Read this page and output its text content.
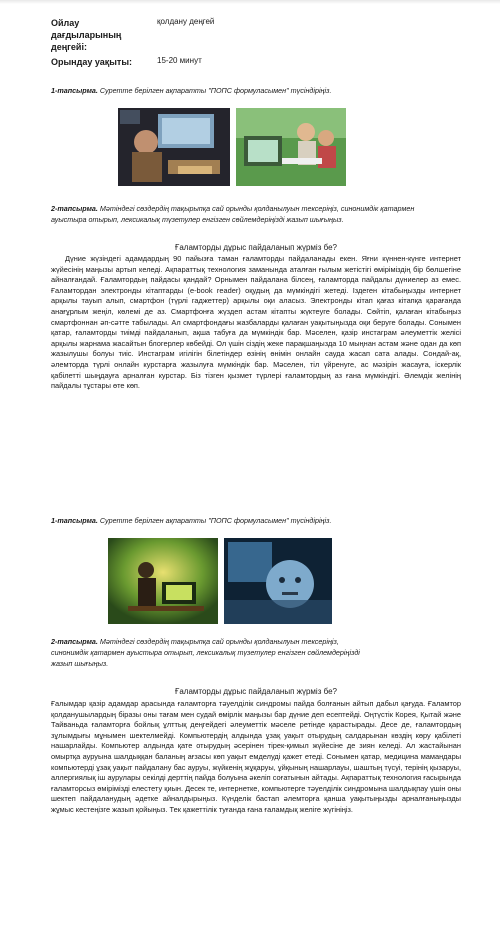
Ойлау дағдыларының деңгейі:
қолдану деңгей
Орындау уақыты:	15-20 минут
1-тапсырма. Суретте берілген ақпаратты "ПОПС формуласымен" түсіндіріңіз.
2-тапсырма. Мәтіндегі сөздердің тақырыпқа сай орынды қолданылуын тексеріңіз, синонимдік қатармен ауыстыра отырып, лексикалық түзетулер енгізген сөйлемдеріңізді жазып шығыңыз.
Ғаламторды дұрыс пайдаланып жүрміз бе?
Дүние жүзіндегі адамдардың 90 пайызға таман ғаламторды пайдаланады екен. Яғни күннен-күнге интернет жүйесінің маңызы артып келеді. Ақпараттық технология заманында аталған ғылым жетістігі өміріміздің бір бөлшегіне айналғандай. Ғаламтордың пайдасы қандай? Орнымен пайдалана білсең, ғаламторда пайдалы дүниелер аз емес. Ғаламтордан электронды кітаптарды (e-book reader) оқудың да мүмкіндігі жетеді. Іздеген кітабыңызды интернет арқылы тауып алып, смартфон (түрлі гаджеттер) арқылы оқи аласыз. Электронды кітап қағаз кітапқа қарағанда анағұрлым жеңіл, көлемі де аз. Смартфонға жүздеп астам кітапты жүктеуге болады. Сөйтіп, қалаған кітабыңыз смартфоннан әп-сәтте табылады. Ал смартфондағы жазбаларды қалаған уақытыңызда оқи беруге болады. Сонымен қатар, ғаламторды тиімді пайдаланып, ақша табуға да мүмкіндік бар. Мәселен, қазір инстаграм әлеуметтік желісі арқылы жарнама жасайтын блогерлер көбейді. Ол үшін сіздің жеке парақшаңызда 10 мыңнан астам және одан да көп жазылушы болуы тиіс. Инстаграм игілігін білетіндер өзінің өнімін онлайн сауда жасап сата алады. Сондай-ақ, әлемторда түрлі онлайн курстарға жазылуға мүмкіндік бар. Мәселен, тіл үйренуге, ас мәзірін жасауға, іскерлік қабілетті шыңдауға арналған курстар. Біз тізген қызмет түрлері ғаламтордың аз ғана мүмкіндігі. Әлемдік желінің пайдалы тұстары өте көп.
1-тапсырма. Суретте берілген ақпаратты "ПОПС формуласымен" түсіндіріңіз.
2-тапсырма. Мәтіндегі сөздердің тақырыпқа сай орынды қолданылуын тексеріңіз, синонимдік қатармен ауыстыра отырып, лексикалық түзетулер енгізген сөйлемдеріңізді жазып шығыңыз.
Ғаламторды дұрыс пайдаланып жүрміз бе?
Ғалымдар қазір адамдар арасында ғаламторға тәуелділік синдромы пайда болғанын айтып дабыл қағуда. Ғаламтор қолданушылардың біразы оны тағам мен судай өмірлік маңызы бар дүние деп есептейді. Оңтүстік Корея, Қытай және Тайваньда ғаламторға бойлық ұлттық деңгейдегі әлеуметтік мәселе ретінде қарастырады. Десе де, ғаламтордың зұлымдығы мұнымен шектелмейді. Компьютердің алдында ұзақ уақыт отырудың салдарынан көздің көру қабілеті нашарлайды. Компьютер алдында қате отырудың әсерінен тірек-қимыл жүйесіне де зиян келеді. Ал жастайынан омыртқа ауруына шалдыққан баланың ағзасы көп уақыт емделуді қажет етеді. Сонымен қатар, медицина мамандары компьютерді ұзақ уақыт пайдалану бас ауруы, жүйкенің жұқаруы, ұйқының нашарлауы, шаштың түсуі, терінің қызаруы, аллергиялық іш аурулары секілді дерттің пайда болуына әкеліп соғатынын айтады. Ақпараттық технология ғасырында ғаламторсыз өмірімізді елестету қиын. Десек те, интернетке, компьютерге тәуелділік синдромына шалдықпау үшін оны шектеп пайдаланудың әдетке айналдырыңыз. Күнделік бастап әлемторға қанша уақытыңызды арналғаныңызды жұмыс кестеңізге жазып қойыңыз. Тек қажеттілік туғанда ғана ғаламдық желіге жүгініңіз.
